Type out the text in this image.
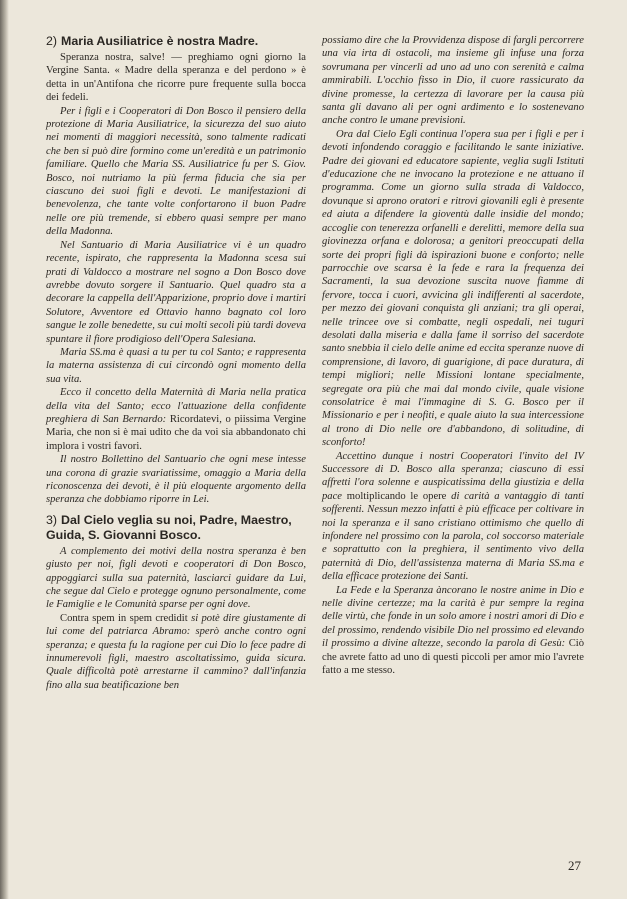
2) Maria Ausiliatrice è nostra Madre.

Speranza nostra, salve! — preghiamo ogni giorno la Vergine Santa. « Madre della speranza e del perdono » è detta in un'Antifona che ricorre pure frequente sulla bocca dei fedeli.

Per i figli e i Cooperatori di Don Bosco il pensiero della protezione di Maria Ausiliatrice, la sicurezza del suo aiuto nei momenti di maggiori necessità, sono talmente radicati che ben si può dire formino come un'eredità e un patrimonio familiare. Quello che Maria SS. Ausiliatrice fu per S. Giov. Bosco, noi nutriamo la più ferma fiducia che sia per ciascuno dei suoi figli e devoti. Le manifestazioni di benevolenza, che tante volte confortarono il buon Padre nelle ore più tremende, si ebbero quasi sempre per mano della Madonna.

Nel Santuario di Maria Ausiliatrice vi è un quadro recente, ispirato, che rappresenta la Madonna scesa sui prati di Valdocco a mostrare nel sogno a Don Bosco dove avrebbe dovuto sorgere il Santuario. Quel quadro sta a decorare la cappella dell'Apparizione, proprio dove i martiri Solutore, Avventore ed Ottavio hanno bagnato col loro sangue le zolle benedette, su cui molti secoli più tardi doveva spuntare il fiore prodigioso dell'Opera Salesiana.

Maria SS.ma è quasi a tu per tu col Santo; e rappresenta la materna assistenza di cui circondò ogni momento della sua vita.

Ecco il concetto della Maternità di Maria nella pratica della vita del Santo; ecco l'attuazione della confidente preghiera di San Bernardo: Ricordatevi, o piissima Vergine Maria, che non si è mai udito che da voi sia abbandonato chi implora i vostri favori.

Il nostro Bollettino del Santuario che ogni mese intesse una corona di grazie svariatissime, omaggio a Maria della riconoscenza dei devoti, è il più eloquente argomento della speranza che dobbiamo riporre in Lei.

3) Dal Cielo veglia su noi, Padre, Maestro, Guida, S. Giovanni Bosco.

A complemento dei motivi della nostra speranza è ben giusto per noi, figli devoti e cooperatori di Don Bosco, appoggiarci sulla sua paternità, lasciarci guidare da Lui, che segue dal Cielo e protegge ognuno personalmente, come le Famiglie e le Comunità sparse per ogni dove.

Contra spem in spem credidit si potè dire giustamente di lui come del patriarca Abramo: sperò anche contro ogni speranza; e questa fu la ragione per cui Dio lo fece padre di innumerevoli figli, maestro ascoltatissimo, guida sicura. Quale difficoltà potè arrestarne il cammino? dall'infanzia fino alla sua beatificazione ben

possiamo dire che la Provvidenza dispose di fargli percorrere una via irta di ostacoli, ma insieme gli infuse una forza sovrumana per vincerli ad uno ad uno con serenità e calma ammirabili. L'occhio fisso in Dio, il cuore rassicurato da divine promesse, la certezza di lavorare per la causa più santa gli davano ali per ogni ardimento e lo sostenevano anche contro le umane previsioni.

Ora dal Cielo Egli continua l'opera sua per i figli e per i devoti infondendo coraggio e facilitando le sante iniziative. Padre dei giovani ed educatore sapiente, veglia sugli Istituti d'educazione che ne invocano la protezione e ne attuano il programma. Come un giorno sulla strada di Valdocco, dovunque si aprono oratori e ritrovi giovanili egli è presente ed aiuta a difendere la gioventù dalle insidie del mondo; accoglie con tenerezza orfanelli e derelitti, memore della sua giovinezza orfana e dolorosa; a genitori preoccupati della sorte dei propri figli dà ispirazioni buone e conforto; nelle parrocchie ove scarsa è la fede e rara la frequenza dei Sacramenti, la sua devozione suscita nuove fiamme di fervore, tocca i cuori, avvicina gli indifferenti al sacerdote, per mezzo dei giovani conquista gli anziani; tra gli operai, nelle trincee ove si combatte, negli ospedali, nei tuguri desolati dalla miseria e dalla fame il sorriso del sacerdote santo snebbia il cielo delle anime ed eccita speranze nuove di comprensione, di lavoro, di guarigione, di pace duratura, di tempi migliori; nelle Missioni lontane specialmente, segregate ora più che mai dal mondo civile, quale visione consolatrice è mai l'immagine di S. G. Bosco per il Missionario e per i neofiti, e quale aiuto la sua intercessione al trono di Dio nelle ore d'abbandono, di solitudine, di sconforto!

Accettino dunque i nostri Cooperatori l'invito del IV Successore di D. Bosco alla speranza; ciascuno di essi affretti l'ora solenne e auspicatissima della giustizia e della pace moltiplicando le opere di carità a vantaggio di tanti sofferenti. Nessun mezzo infatti è più efficace per coltivare in noi la speranza e il sano cristiano ottimismo che quello di infondere nel prossimo con la parola, col soccorso materiale e soprattutto con la preghiera, il sentimento vivo della paternità di Dio, dell'assistenza materna di Maria SS.ma e della efficace protezione dei Santi.

La Fede e la Speranza àncorano le nostre anime in Dio e nelle divine certezze; ma la carità è pur sempre la regina delle virtù, che fonde in un solo amore i nostri amori di Dio e del prossimo, rendendo visibile Dio nel prossimo ed elevando il prossimo a divine altezze, secondo la parola di Gesù: Ciò che avrete fatto ad uno di questi piccoli per amor mio l'avrete fatto a me stesso.

27
